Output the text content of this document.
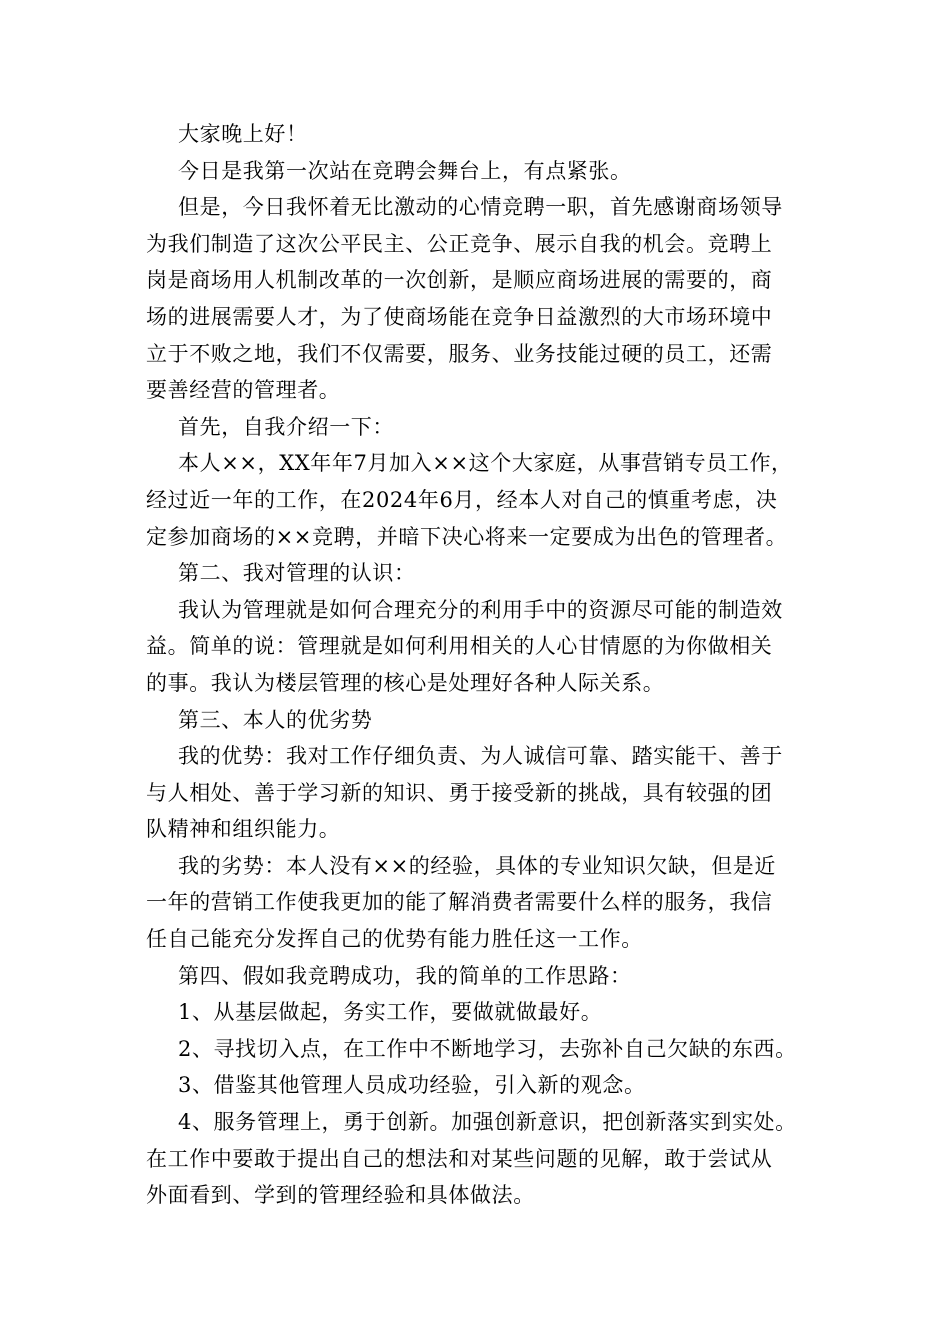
大家晚上好！
今日是我第一次站在竞聘会舞台上，有点紧张。
但是，今日我怀着无比激动的心情竞聘一职，首先感谢商场领导
为我们制造了这次公平民主、公正竞争、展示自我的机会。竞聘上
岗是商场用人机制改革的一次创新，是顺应商场进展的需要的，商
场的进展需要人才，为了使商场能在竞争日益激烈的大市场环境中
立于不败之地，我们不仅需要，服务、业务技能过硬的员工，还需
要善经营的管理者。
首先，自我介绍一下：
本人××，XX年年7月加入××这个大家庭，从事营销专员工作，
经过近一年的工作，在2024年6月，经本人对自己的慎重考虑，决
定参加商场的××竞聘，并暗下决心将来一定要成为出色的管理者。
第二、我对管理的认识：
我认为管理就是如何合理充分的利用手中的资源尽可能的制造效
益。简单的说：管理就是如何利用相关的人心甘情愿的为你做相关
的事。我认为楼层管理的核心是处理好各种人际关系。
第三、本人的优劣势
我的优势：我对工作仔细负责、为人诚信可靠、踏实能干、善于
与人相处、善于学习新的知识、勇于接受新的挑战，具有较强的团
队精神和组织能力。
我的劣势：本人没有××的经验，具体的专业知识欠缺，但是近
一年的营销工作使我更加的能了解消费者需要什么样的服务，我信
任自己能充分发挥自己的优势有能力胜任这一工作。
第四、假如我竞聘成功，我的简单的工作思路：
1、从基层做起，务实工作，要做就做最好。
2、寻找切入点，在工作中不断地学习，去弥补自己欠缺的东西。
3、借鉴其他管理人员成功经验，引入新的观念。
4、服务管理上，勇于创新。加强创新意识，把创新落实到实处。
在工作中要敢于提出自己的想法和对某些问题的见解，敢于尝试从
外面看到、学到的管理经验和具体做法。
